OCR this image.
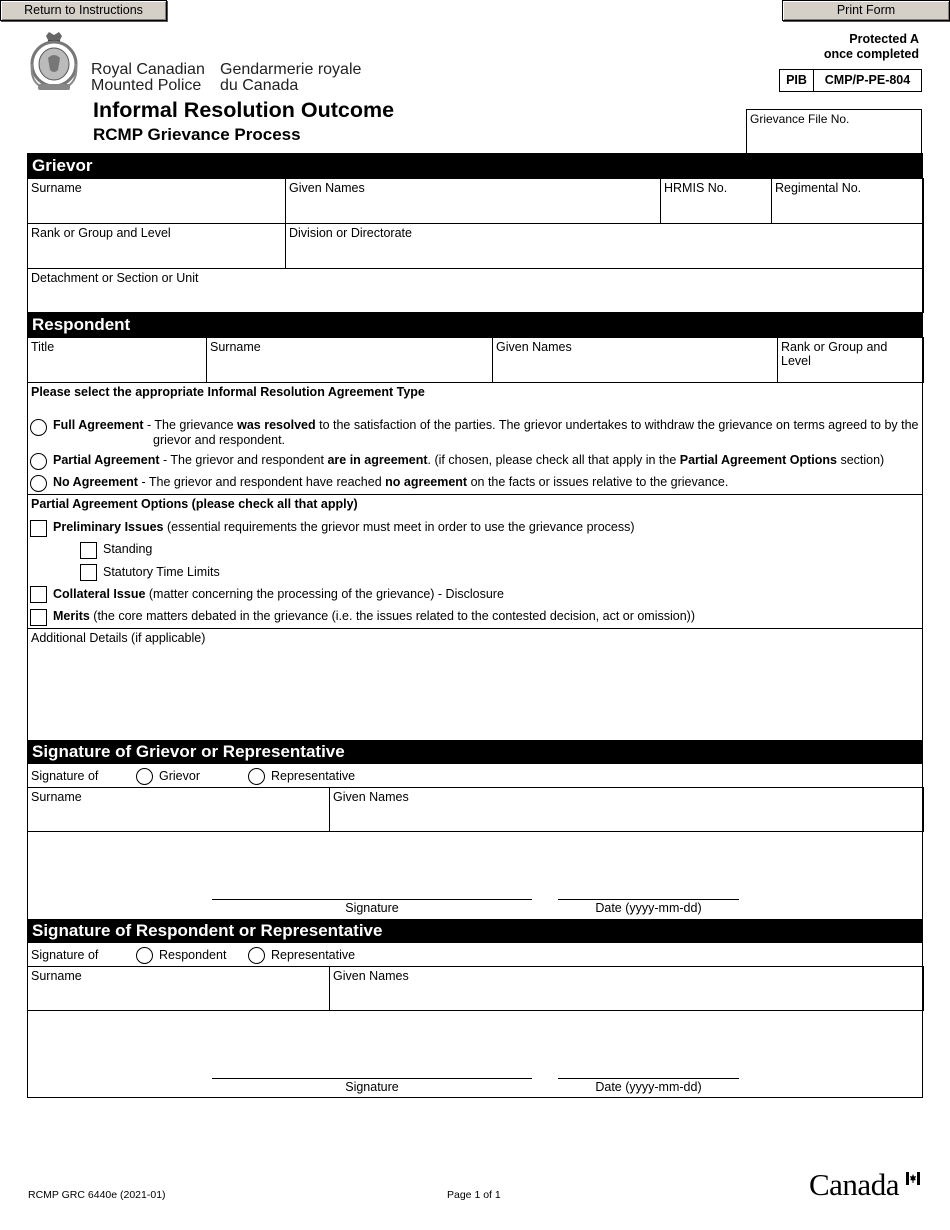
Return to Instructions	Print Form
Royal Canadian
Mounted Police
Gendarmerie royale
du Canada
Informal Resolution Outcome
RCMP Grievance Process
Protected A
once completed
PIB	CMP/P-PE-804
Grievance File No.
Grievor
Surname	Given Names	HRMIS No.	Regimental No.
Rank or Group and Level	Division or Directorate
Detachment or Section or Unit
Respondent
Title	Surname	Given Names	Rank or Group and Level
Please select the appropriate Informal Resolution Agreement Type
Full Agreement - The grievance was resolved to the satisfaction of the parties. The grievor undertakes to withdraw the grievance on terms agreed to by the
grievor and respondent.
Partial Agreement - The grievor and respondent are in agreement. (if chosen, please check all that apply in the Partial Agreement Options section)
No Agreement - The grievor and respondent have reached no agreement on the facts or issues relative to the grievance.
Partial Agreement Options (please check all that apply)
Preliminary Issues (essential requirements the grievor must meet in order to use the grievance process)
Standing
Statutory Time Limits
Collateral Issue (matter concerning the processing of the grievance) - Disclosure
Merits (the core matters debated in the grievance (i.e. the issues related to the contested decision, act or omission))
Additional Details (if applicable)
Signature of Grievor or Representative
Signature of	Grievor	Representative
Surname	Given Names
Signature	Date (yyyy-mm-dd)
Signature of Respondent or Representative
Signature of	Respondent	Representative
Surname	Given Names
Signature	Date (yyyy-mm-dd)
RCMP GRC 6440e (2021-01)	Page 1 of 1	Canada
